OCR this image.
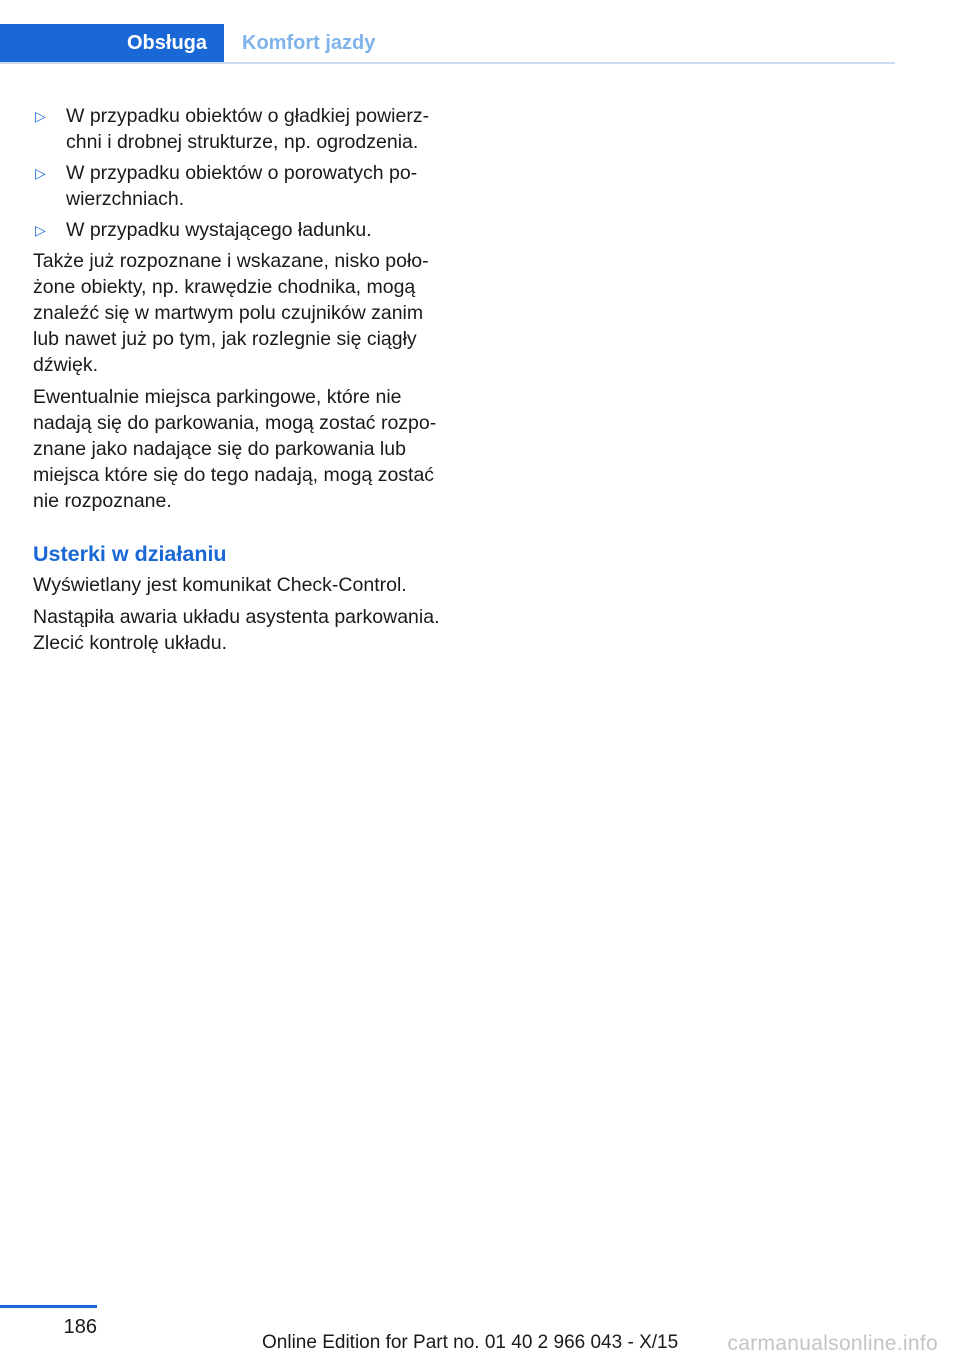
Obsługa Komfort jazdy
▷	W przypadku obiektów o gładkiej powierz-
chni i drobnej strukturze, np. ogrodzenia.
▷	W przypadku obiektów o porowatych po-
wierzchniach.
▷	W przypadku wystającego ładunku.

Także już rozpoznane i wskazane, nisko poło-
żone obiekty, np. krawędzie chodnika, mogą
znaleźć się w martwym polu czujników zanim
lub nawet już po tym, jak rozlegnie się ciągły
dźwięk.

Ewentualnie miejsca parkingowe, które nie
nadają się do parkowania, mogą zostać rozpo-
znane jako nadające się do parkowania lub
miejsca które się do tego nadają, mogą zostać
nie rozpoznane.

Usterki w działaniu

Wyświetlany jest komunikat Check-Control.

Nastąpiła awaria układu asystenta parkowania.
Zlecić kontrolę układu.

186
Online Edition for Part no. 01 40 2 966 043 - X/15 carmanualsonline.info
